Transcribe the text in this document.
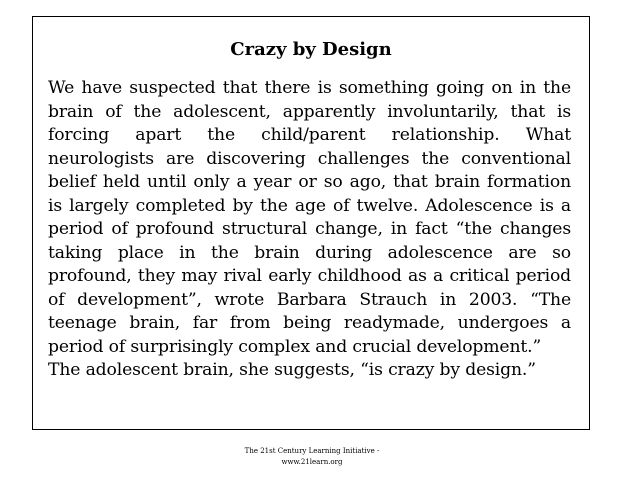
Crazy by Design
We have suspected that there is something going on in the
brain of the adolescent, apparently involuntarily, that is
forcing apart the child/parent relationship. What
neurologists are discovering challenges the conventional
belief held until only a year or so ago, that brain formation
is largely completed by the age of twelve. Adolescence is a
period of profound structural change, in fact “the changes
taking place in the brain during adolescence are so
profound, they may rival early childhood as a critical period
of development”, wrote Barbara Strauch in 2003. “The
teenage brain, far from being readymade, undergoes a
period of surprisingly complex and crucial development.”
The adolescent brain, she suggests, “is crazy by design.”
The 21st Century Learning Initiative -
www.21learn.org
